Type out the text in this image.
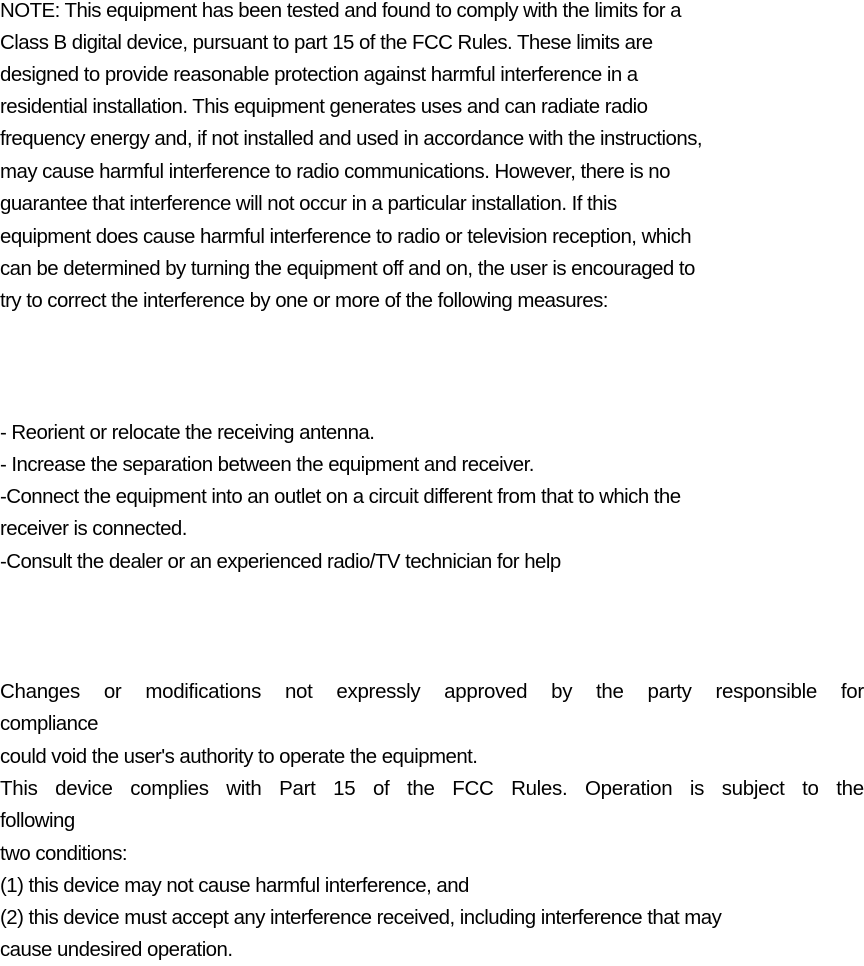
NOTE: This equipment has been tested and found to comply with the limits for a
Class B digital device, pursuant to part 15 of the FCC Rules. These limits are
designed to provide reasonable protection against harmful interference in a
residential installation. This equipment generates uses and can radiate radio
frequency energy and, if not installed and used in accordance with the instructions,
may cause harmful interference to radio communications. However, there is no
guarantee that interference will not occur in a particular installation. If this
equipment does cause harmful interference to radio or television reception, which
can be determined by turning the equipment off and on, the user is encouraged to
try to correct the interference by one or more of the following measures:
- Reorient or relocate the receiving antenna.
- Increase the separation between the equipment and receiver.
-Connect the equipment into an outlet on a circuit different from that to which the
receiver is connected.
-Consult the dealer or an experienced radio/TV technician for help
Changes or modifications not expressly approved by the party responsible for
compliance
could void the user's authority to operate the equipment.
This device complies with Part 15 of the FCC Rules. Operation is subject to the
following
two conditions:
(1) this device may not cause harmful interference, and
(2) this device must accept any interference received, including interference that may
cause undesired operation.
